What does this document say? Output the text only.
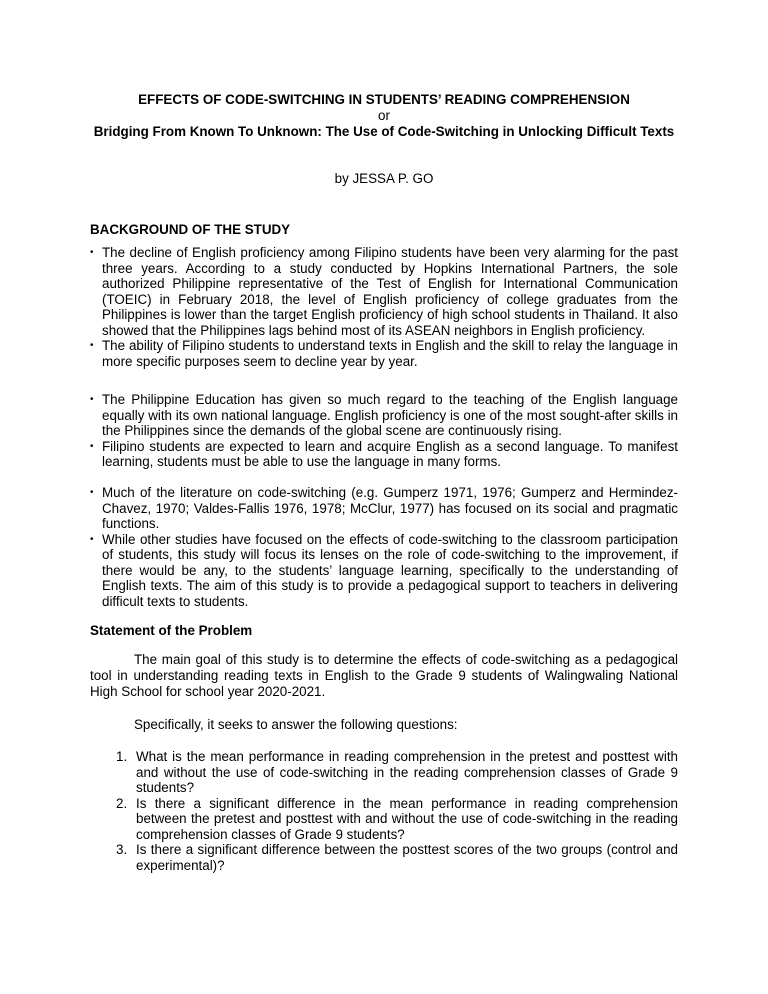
EFFECTS OF CODE-SWITCHING IN STUDENTS’ READING COMPREHENSION
or
Bridging From Known To Unknown: The Use of Code-Switching in Unlocking Difficult Texts
by JESSA P. GO
BACKGROUND OF THE STUDY
• The decline of English proficiency among Filipino students have been very alarming for the past three years. According to a study conducted by Hopkins International Partners, the sole authorized Philippine representative of the Test of English for International Communication (TOEIC) in February 2018, the level of English proficiency of college graduates from the Philippines is lower than the target English proficiency of high school students in Thailand. It also showed that the Philippines lags behind most of its ASEAN neighbors in English proficiency.
• The ability of Filipino students to understand texts in English and the skill to relay the language in more specific purposes seem to decline year by year.
• The Philippine Education has given so much regard to the teaching of the English language equally with its own national language. English proficiency is one of the most sought-after skills in the Philippines since the demands of the global scene are continuously rising.
• Filipino students are expected to learn and acquire English as a second language. To manifest learning, students must be able to use the language in many forms.
• Much of the literature on code-switching (e.g. Gumperz 1971, 1976; Gumperz and Hermindez-Chavez, 1970; Valdes-Fallis 1976, 1978; McClur, 1977) has focused on its social and pragmatic functions.
• While other studies have focused on the effects of code-switching to the classroom participation of students, this study will focus its lenses on the role of code-switching to the improvement, if there would be any, to the students’ language learning, specifically to the understanding of English texts. The aim of this study is to provide a pedagogical support to teachers in delivering difficult texts to students.
Statement of the Problem

The main goal of this study is to determine the effects of code-switching as a pedagogical tool in understanding reading texts in English to the Grade 9 students of Walingwaling National High School for school year 2020-2021.

Specifically, it seeks to answer the following questions:

1. What is the mean performance in reading comprehension in the pretest and posttest with and without the use of code-switching in the reading comprehension classes of Grade 9 students?
2. Is there a significant difference in the mean performance in reading comprehension between the pretest and posttest with and without the use of code-switching in the reading comprehension classes of Grade 9 students?
3. Is there a significant difference between the posttest scores of the two groups (control and experimental)?
